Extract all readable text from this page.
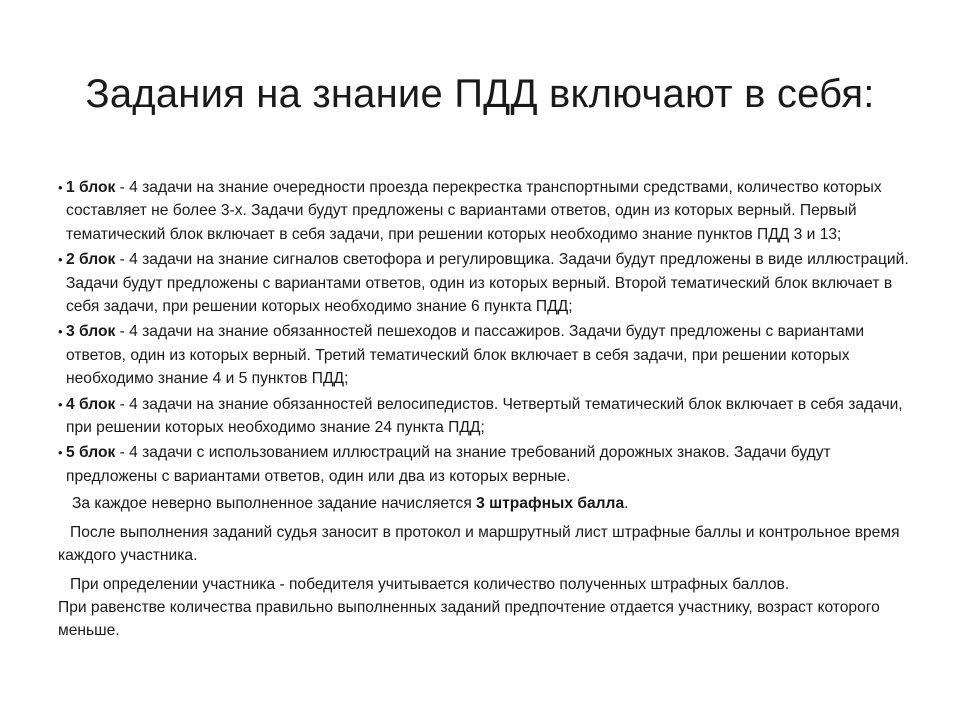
Задания на знание ПДД включают в себя:
• 1 блок - 4 задачи на знание очередности проезда перекрестка транспортными средствами, количество которых составляет не более 3-х. Задачи будут предложены с вариантами ответов, один из которых верный. Первый тематический блок включает в себя задачи, при решении которых необходимо знание пунктов ПДД 3 и 13;
• 2 блок - 4 задачи на знание сигналов светофора и регулировщика. Задачи будут предложены в виде иллюстраций. Задачи будут предложены с вариантами ответов, один из которых верный. Второй тематический блок включает в себя задачи, при решении которых необходимо знание 6 пункта ПДД;
• 3 блок - 4 задачи на знание обязанностей пешеходов и пассажиров. Задачи будут предложены с вариантами ответов, один из которых верный. Третий тематический блок включает в себя задачи, при решении которых необходимо знание 4 и 5 пунктов ПДД;
• 4 блок - 4 задачи на знание обязанностей велосипедистов. Четвертый тематический блок включает в себя задачи, при решении которых необходимо знание 24 пункта ПДД;
• 5 блок - 4 задачи с использованием иллюстраций на знание требований дорожных знаков. Задачи будут предложены с вариантами ответов, один или два из которых верные.

За каждое неверно выполненное задание начисляется 3 штрафных балла.

После выполнения заданий судья заносит в протокол и маршрутный лист штрафные баллы и контрольное время каждого участника.

При определении участника - победителя учитывается количество полученных штрафных баллов.
При равенстве количества правильно выполненных заданий предпочтение отдается участнику, возраст которого меньше.
